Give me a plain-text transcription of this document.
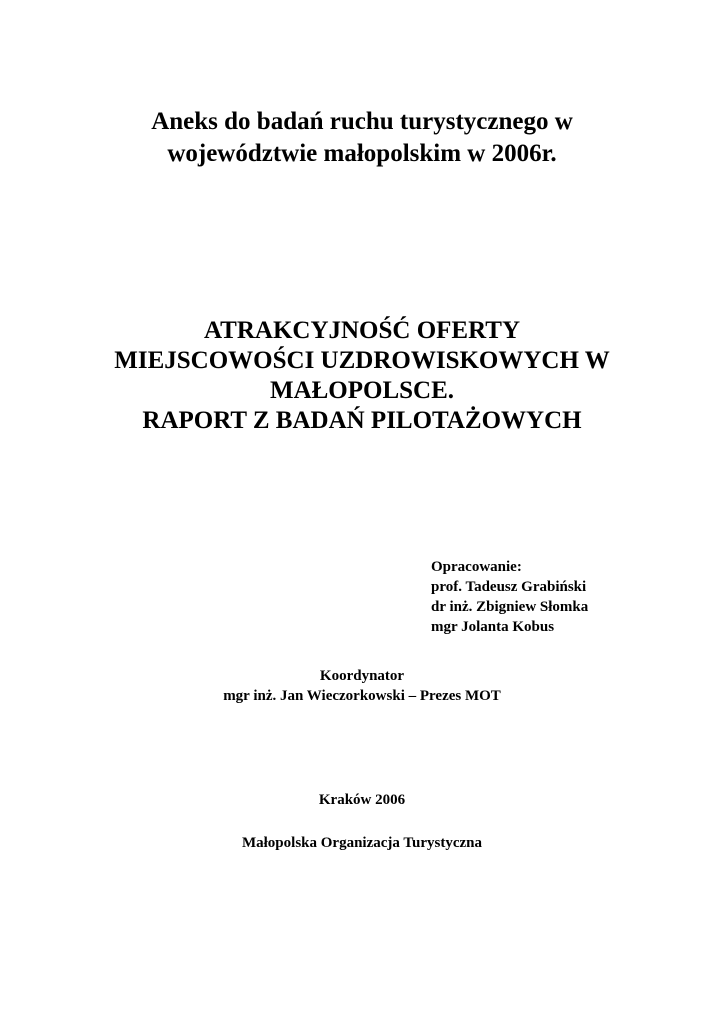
Aneks do badań ruchu turystycznego w
województwie małopolskim w 2006r.
ATRAKCYJNOŚĆ OFERTY
MIEJSCOWOŚCI UZDROWISKOWYCH W
MAŁOPOLSCE.
RAPORT Z BADAŃ PILOTAŻOWYCH
Opracowanie:
prof. Tadeusz Grabiński
dr inż. Zbigniew Słomka
mgr Jolanta Kobus
Koordynator
mgr inż. Jan Wieczorkowski – Prezes MOT
Kraków 2006
Małopolska Organizacja Turystyczna
